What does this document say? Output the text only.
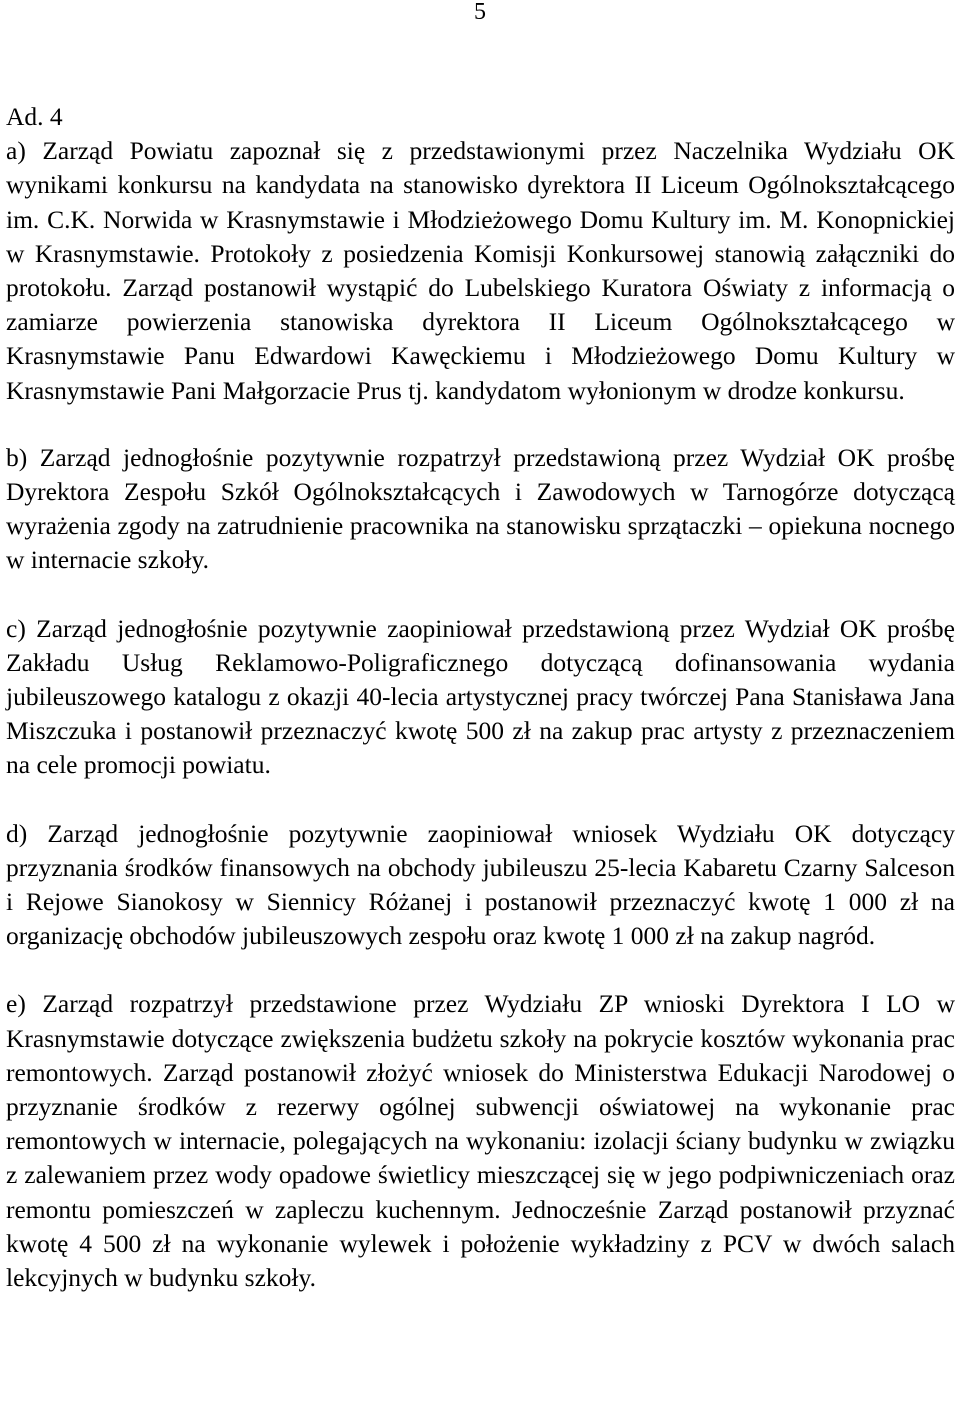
5

Ad. 4

a) Zarząd Powiatu zapoznał się z przedstawionymi przez Naczelnika Wydziału OK wynikami konkursu na kandydata na stanowisko dyrektora II Liceum Ogólnokształcącego im. C.K. Norwida w Krasnymstawie i Młodzieżowego Domu Kultury im. M. Konopnickiej w Krasnymstawie. Protokoły z posiedzenia Komisji Konkursowej stanowią załączniki do protokołu. Zarząd postanowił wystąpić do Lubelskiego Kuratora Oświaty z informacją o zamiarze powierzenia stanowiska dyrektora II Liceum Ogólnokształcącego w Krasnymstawie Panu Edwardowi Kawęckiemu i Młodzieżowego Domu Kultury w Krasnymstawie Pani Małgorzacie Prus tj. kandydatom wyłonionym w drodze konkursu.

b) Zarząd jednogłośnie pozytywnie rozpatrzył przedstawioną przez Wydział OK prośbę Dyrektora Zespołu Szkół Ogólnokształcących i Zawodowych w Tarnogórze dotyczącą wyrażenia zgody na zatrudnienie pracownika na stanowisku sprzątaczki – opiekuna nocnego w internacie szkoły.

c) Zarząd jednogłośnie pozytywnie zaopiniował przedstawioną przez Wydział OK prośbę Zakładu Usług Reklamowo-Poligraficznego dotyczącą dofinansowania wydania jubileuszowego katalogu z okazji 40-lecia artystycznej pracy twórczej Pana Stanisława Jana Miszczuka i postanowił przeznaczyć kwotę 500 zł na zakup prac artysty z przeznaczeniem na cele promocji powiatu.

d) Zarząd jednogłośnie pozytywnie zaopiniował wniosek Wydziału OK dotyczący przyznania środków finansowych na obchody jubileuszu 25-lecia Kabaretu Czarny Salceson i Rejowe Sianokosy w Siennicy Różanej i postanowił przeznaczyć kwotę 1 000 zł na organizację obchodów jubileuszowych zespołu oraz kwotę 1 000 zł na zakup nagród.

e) Zarząd rozpatrzył przedstawione przez Wydziału ZP wnioski Dyrektora I LO w Krasnymstawie dotyczące zwiększenia budżetu szkoły na pokrycie kosztów wykonania prac remontowych. Zarząd postanowił złożyć wniosek do Ministerstwa Edukacji Narodowej o przyznanie środków z rezerwy ogólnej subwencji oświatowej na wykonanie prac remontowych w internacie, polegających na wykonaniu: izolacji ściany budynku w związku z zalewaniem przez wody opadowe świetlicy mieszczącej się w jego podpiwniczeniach oraz remontu pomieszczeń w zapleczu kuchennym. Jednocześnie Zarząd postanowił przyznać kwotę 4 500 zł na wykonanie wylewek i położenie wykładziny z PCV w dwóch salach lekcyjnych w budynku szkoły.
